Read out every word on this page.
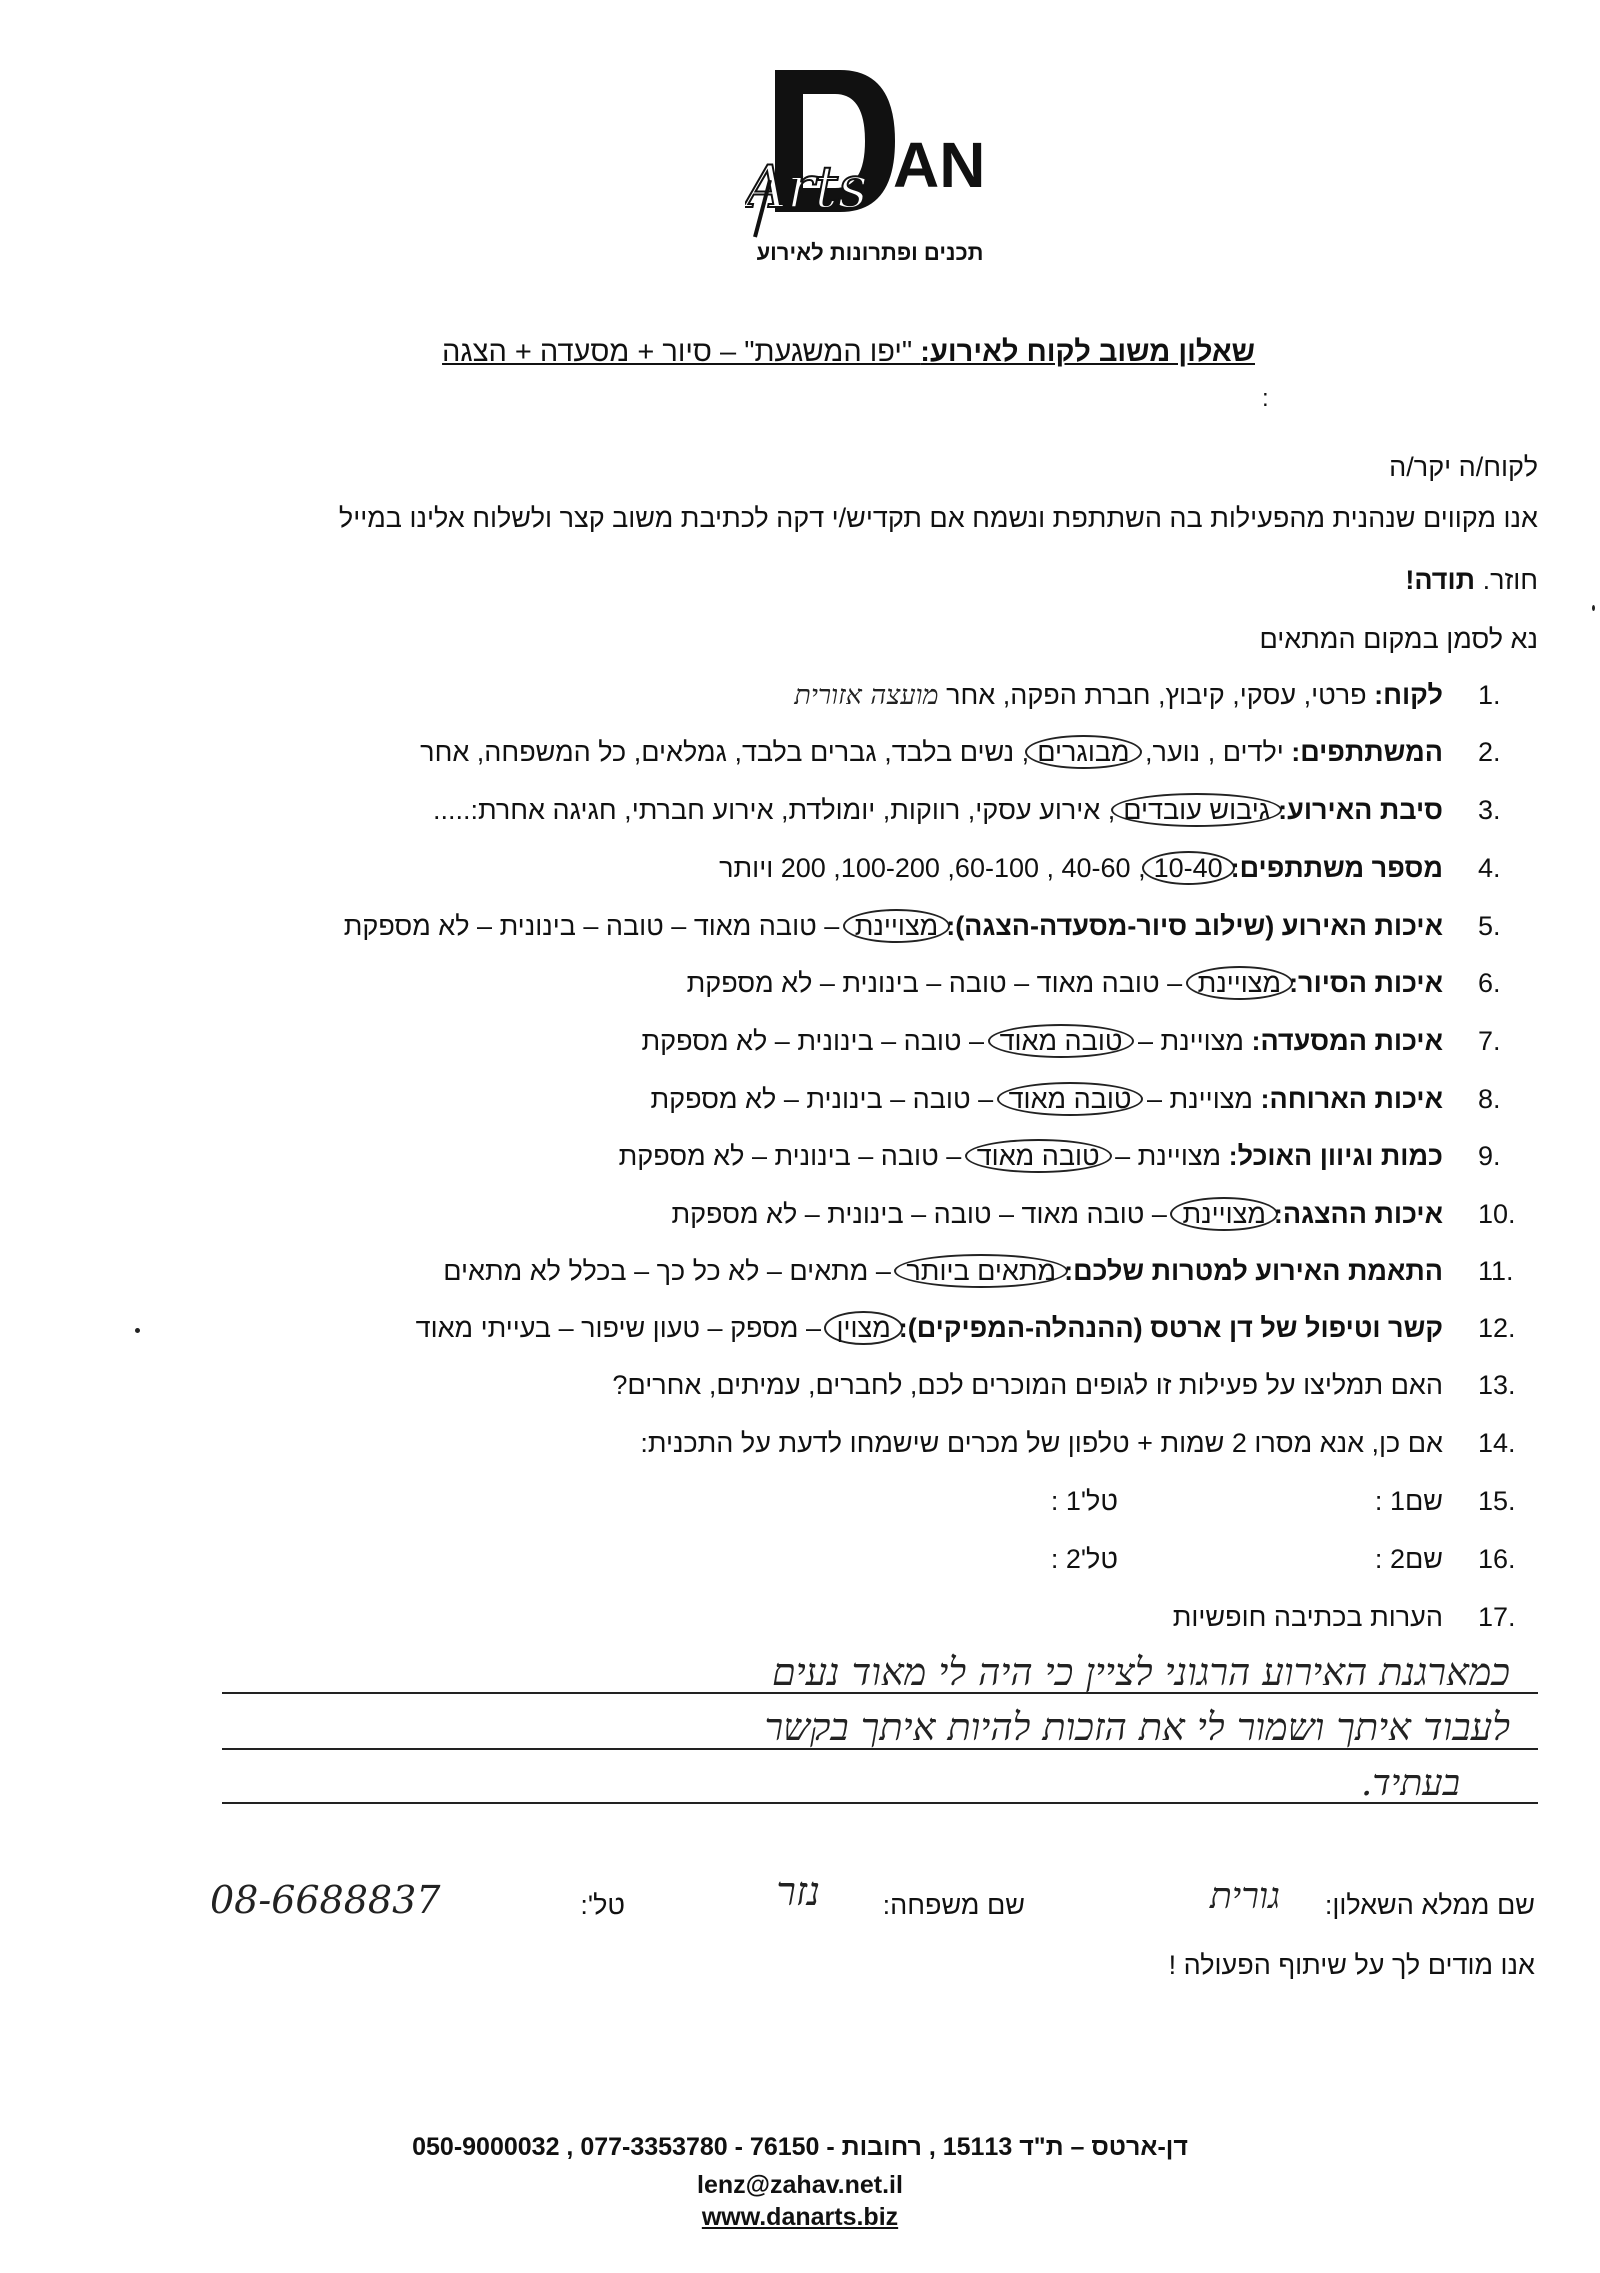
AN
Arts
תכנים ופתרונות לאירוע
שאלון משוב לקוח לאירוע: "יפו המשגעת" – סיור + מסעדה + הצגה
:
לקוח/ה יקר/ה
אנו מקווים שנהנית מהפעילות בה השתתפת ונשמח אם תקדיש/י דקה לכתיבת משוב קצר ולשלוח אלינו במייל
חוזר. תודה!
נא לסמן במקום המתאים
1.
לקוח: פרטי, עסקי, קיבוץ, חברת הפקה, אחר מועצה אזורית
2.
המשתתפים: ילדים , נוער, מבוגרים, נשים בלבד, גברים בלבד, גמלאים, כל המשפחה, אחר
3.
סיבת האירוע:גיבוש עובדים, אירוע עסקי, רווקות, יומולדת, אירוע חברתי, חגיגה אחרת:.....
4.
מספר משתתפים:10-40, 40-60 , 60-100, 100-200, 200 ויותר
5.
איכות האירוע (שילוב סיור-מסעדה-הצגה):מצויינת – טובה מאוד – טובה – בינונית – לא מספקת
6.
איכות הסיור:מצויינת – טובה מאוד – טובה – בינונית – לא מספקת
7.
איכות המסעדה: מצויינת – טובה מאוד – טובה – בינונית – לא מספקת
8.
איכות הארוחה: מצויינת – טובה מאוד – טובה – בינונית – לא מספקת
9.
כמות וגיוון האוכל: מצויינת – טובה מאוד – טובה – בינונית – לא מספקת
10.
איכות ההצגה:מצויינת – טובה מאוד – טובה – בינונית – לא מספקת
11.
התאמת האירוע למטרות שלכם:מתאים ביותר – מתאים – לא כל כך – בכלל לא מתאים
12.
קשר וטיפול של דן ארטס (ההנהלה-המפיקים):מצוין – מספק – טעון שיפור – בעייתי מאוד
13.
האם תמליצו על פעילות זו לגופים המוכרים לכם, לחברים, עמיתים, אחרים?
14.
אם כן, אנא מסרו 2 שמות + טלפון של מכרים שישמחו לדעת על התכנית:
15.
שם1 :
טל'1 :
16.
שם2 :
טל'2 :
17.
הערות בכתיבה חופשיות
כמארגנת האירוע הרגוני לציין כי היה לי מאוד נעים
לעבוד איתך ושמור לי את הזכות להיות איתך בקשר
בעתיד.
שם ממלא השאלון:
גורית
שם משפחה:
נזר
טל':
08-6688837
אנו מודים לך על שיתוף הפעולה !
דן-ארטס – ת"ד 15113 , רחובות - 76150 - 077-3353780 , 050-9000032
lenz@zahav.net.il
www.danarts.biz
